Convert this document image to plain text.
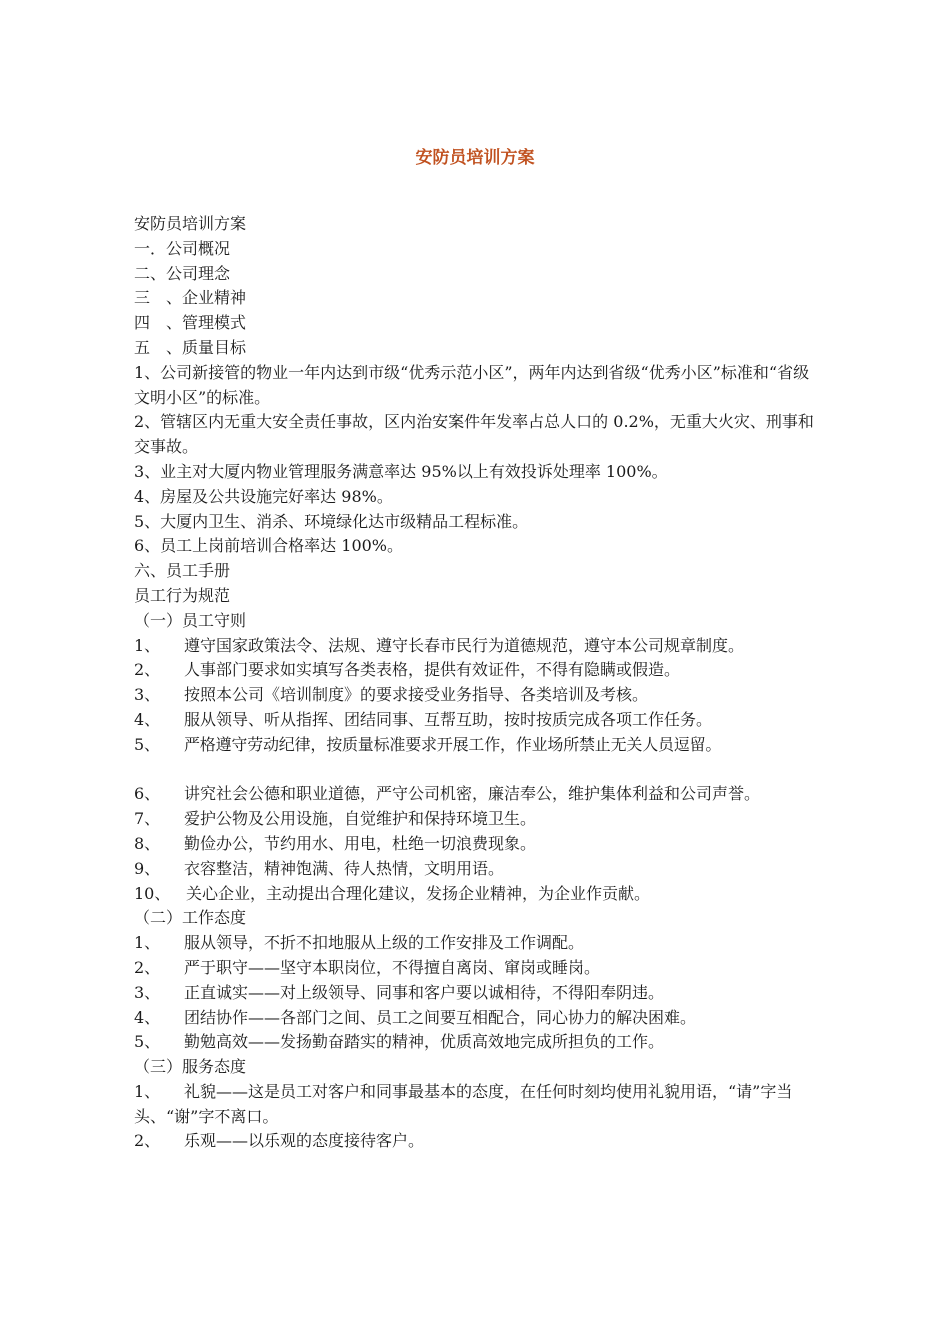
安防员培训方案
安防员培训方案
一．公司概况
二、公司理念
三　、企业精神
四　、管理模式
五　、质量目标
1、公司新接管的物业一年内达到市级“优秀示范小区”，两年内达到省级“优秀小区”标准和“省级文明小区”的标准。
2、管辖区内无重大安全责任事故，区内治安案件年发率占总人口的 0.2%，无重大火灾、刑事和交事故。
3、业主对大厦内物业管理服务满意率达 95%以上有效投诉处理率 100%。
4、房屋及公共设施完好率达 98%。
5、大厦内卫生、消杀、环境绿化达市级精品工程标准。
6、员工上岗前培训合格率达 100%。
六、员工手册
员工行为规范
（一）员工守则
1、 遵守国家政策法令、法规、遵守长春市民行为道德规范，遵守本公司规章制度。
2、 人事部门要求如实填写各类表格，提供有效证件，不得有隐瞒或假造。
3、 按照本公司《培训制度》的要求接受业务指导、各类培训及考核。
4、 服从领导、听从指挥、团结同事、互帮互助，按时按质完成各项工作任务。
5、 严格遵守劳动纪律，按质量标准要求开展工作，作业场所禁止无关人员逗留。
6、 讲究社会公德和职业道德，严守公司机密，廉洁奉公，维护集体利益和公司声誉。
7、 爱护公物及公用设施，自觉维护和保持环境卫生。
8、 勤俭办公，节约用水、用电，杜绝一切浪费现象。
9、 衣容整洁，精神饱满、待人热情，文明用语。
10、 关心企业，主动提出合理化建议，发扬企业精神，为企业作贡献。
（二）工作态度
1、 服从领导，不折不扣地服从上级的工作安排及工作调配。
2、 严于职守——坚守本职岗位，不得擅自离岗、窜岗或睡岗。
3、 正直诚实——对上级领导、同事和客户要以诚相待，不得阳奉阴违。
4、 团结协作——各部门之间、员工之间要互相配合，同心协力的解决困难。
5、 勤勉高效——发扬勤奋踏实的精神，优质高效地完成所担负的工作。
（三）服务态度
1、 礼貌——这是员工对客户和同事最基本的态度，在任何时刻均使用礼貌用语，“请”字当头、“谢”字不离口。
2、 乐观——以乐观的态度接待客户。
